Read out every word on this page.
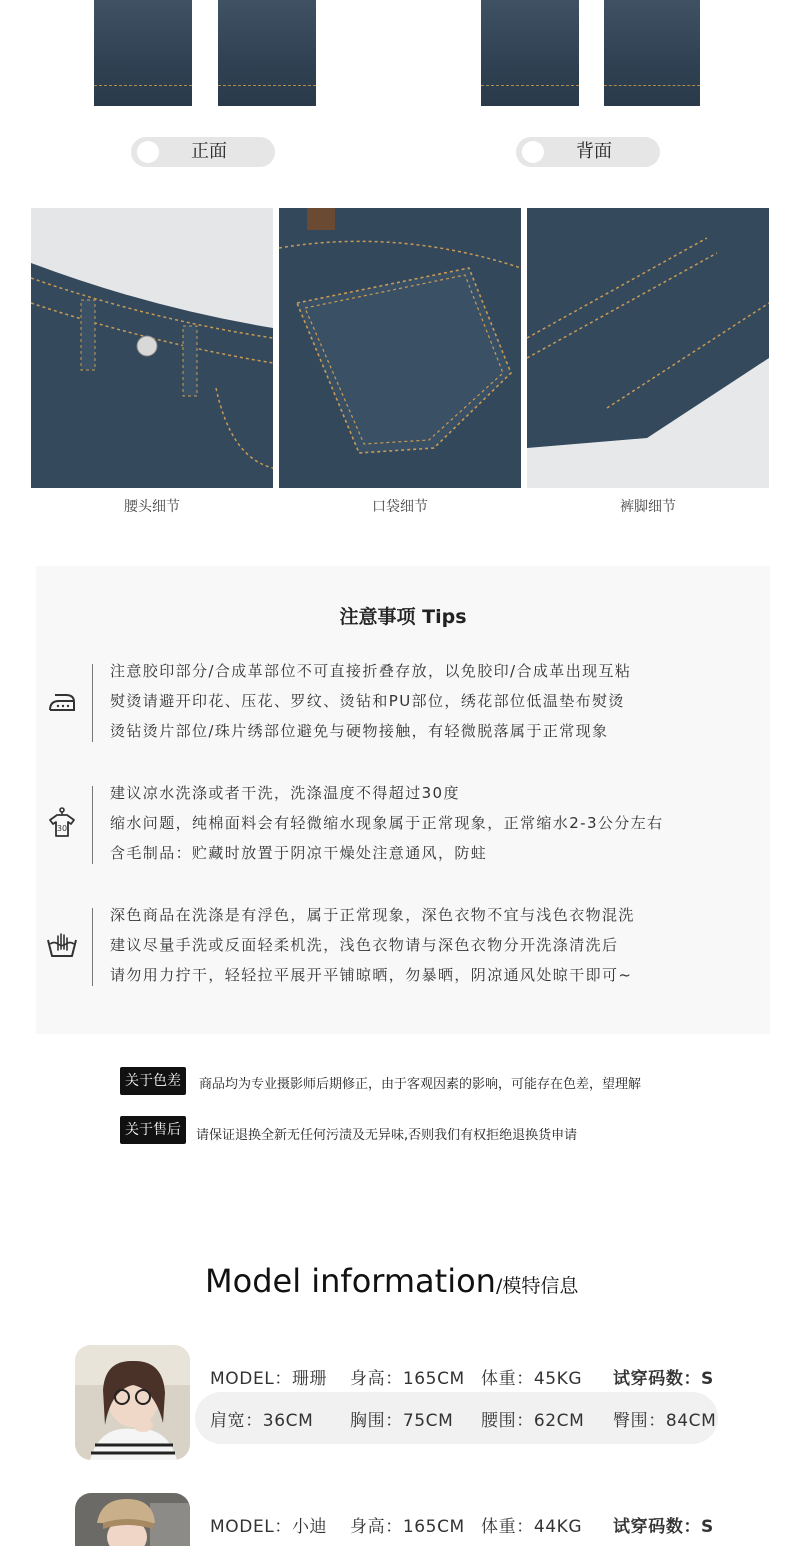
正面	背面
腰头细节	口袋细节	裤脚细节
注意事项 Tips
注意胶印部分/合成革部位不可直接折叠存放，以免胶印/合成革出现互粘
熨烫请避开印花、压花、罗纹、烫钻和PU部位，绣花部位低温垫布熨烫
烫钻烫片部位/珠片绣部位避免与硬物接触，有轻微脱落属于正常现象
30
建议凉水洗涤或者干洗，洗涤温度不得超过30度
缩水问题，纯棉面料会有轻微缩水现象属于正常现象，正常缩水2-3公分左右
含毛制品：贮藏时放置于阴凉干燥处注意通风，防蛀
深色商品在洗涤是有浮色，属于正常现象，深色衣物不宜与浅色衣物混洗
建议尽量手洗或反面轻柔机洗，浅色衣物请与深色衣物分开洗涤清洗后
请勿用力拧干，轻轻拉平展开平铺晾晒，勿暴晒，阴凉通风处晾干即可~
关于色差	商品均为专业摄影师后期修正，由于客观因素的影响，可能存在色差，望理解
关于售后	请保证退换全新无任何污渍及无异味,否则我们有权拒绝退换货申请
Model information/模特信息
MODEL：珊珊 身高：165CM 体重：45KG 试穿码数：S
肩宽：36CM 胸围：75CM 腰围：62CM 臀围：84CM
MODEL：小迪 身高：165CM 体重：44KG 试穿码数：S
